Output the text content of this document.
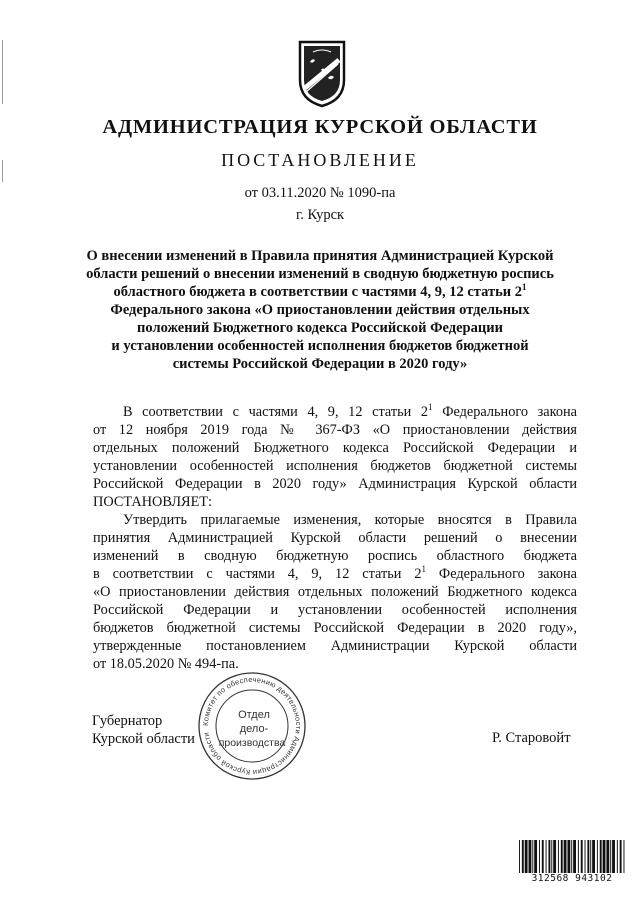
АДМИНИСТРАЦИЯ КУРСКОЙ ОБЛАСТИ
ПОСТАНОВЛЕНИЕ
от 03.11.2020 № 1090-па
г. Курск
О внесении изменений в Правила принятия Администрацией Курской
области решений о внесении изменений в сводную бюджетную роспись
областного бюджета в соответствии с частями 4, 9, 12 статьи $2^1$
Федерального закона «О приостановлении действия отдельных
положений Бюджетного кодекса Российской Федерации
и установлении особенностей исполнения бюджетов бюджетной
системы Российской Федерации в 2020 году»

В соответствии с частями 4, 9, 12 статьи $2^1$ Федерального закона
от 12 ноября 2019 года № 367-ФЗ «О приостановлении действия
отдельных положений Бюджетного кодекса Российской Федерации и
установлении особенностей исполнения бюджетов бюджетной системы
Российской Федерации в 2020 году» Администрация Курской области
ПОСТАНОВЛЯЕТ:

Утвердить прилагаемые изменения, которые вносятся в Правила
принятия Администрацией Курской области решений о внесении
изменений в сводную бюджетную роспись областного бюджета
в соответствии с частями 4, 9, 12 статьи $2^1$ Федерального закона
«О приостановлении действия отдельных положений Бюджетного кодекса
Российской Федерации и установлении особенностей исполнения
бюджетов бюджетной системы Российской Федерации в 2020 году»,
утвержденные постановлением Администрации Курской области
от 18.05.2020 № 494-па.

Губернатор
Курской области	Р. Старовойт
Комитет по обеспечению деятельности Администрации Курской области
Отдел
дело-
производства
312568 943102
